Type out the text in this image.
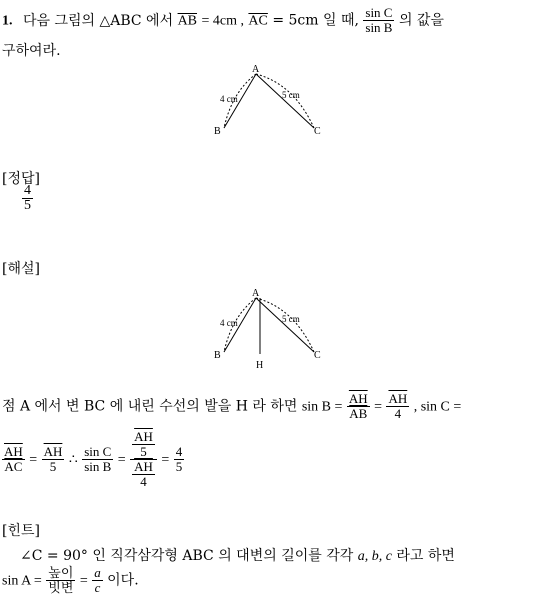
1. 다음 그림의 △ABC 에서 $\overline{AB} = 4cm$ , $\overline{AC} = 5cm$ 일 때, $\frac{\text{sin C}}{\text{sin B}}$ 의 값을
구하여라.
A
B	C
4 cm	5 cm
[정답]
$\frac{4}{5}$
[해설]
A
B	C
H
4 cm	5 cm
점 A 에서 변 BC 에 내린 수선의 발을 H 라 하면 $\sin B = \frac{\overline{AH}}{AB} = \frac{\overline{AH}}{4}$ , sin C =
$\frac{\overline{AH}}{AC} = \frac{\overline{AH}}{5}$ ∴ $\frac{\text{sin C}}{\text{sin B}} = \frac{\frac{\overline{AH}}{5}}{\frac{\overline{AH}}{4}} = \frac{4}{5}$
[힌트]
∠C = 90° 인 직각삼각형 ABC 의 대변의 길이를 각각 a, b, c 라고 하면
$\sin A = \frac{\text{높이}}{\text{빗변}} = \frac{a}{c}$ 이다.
